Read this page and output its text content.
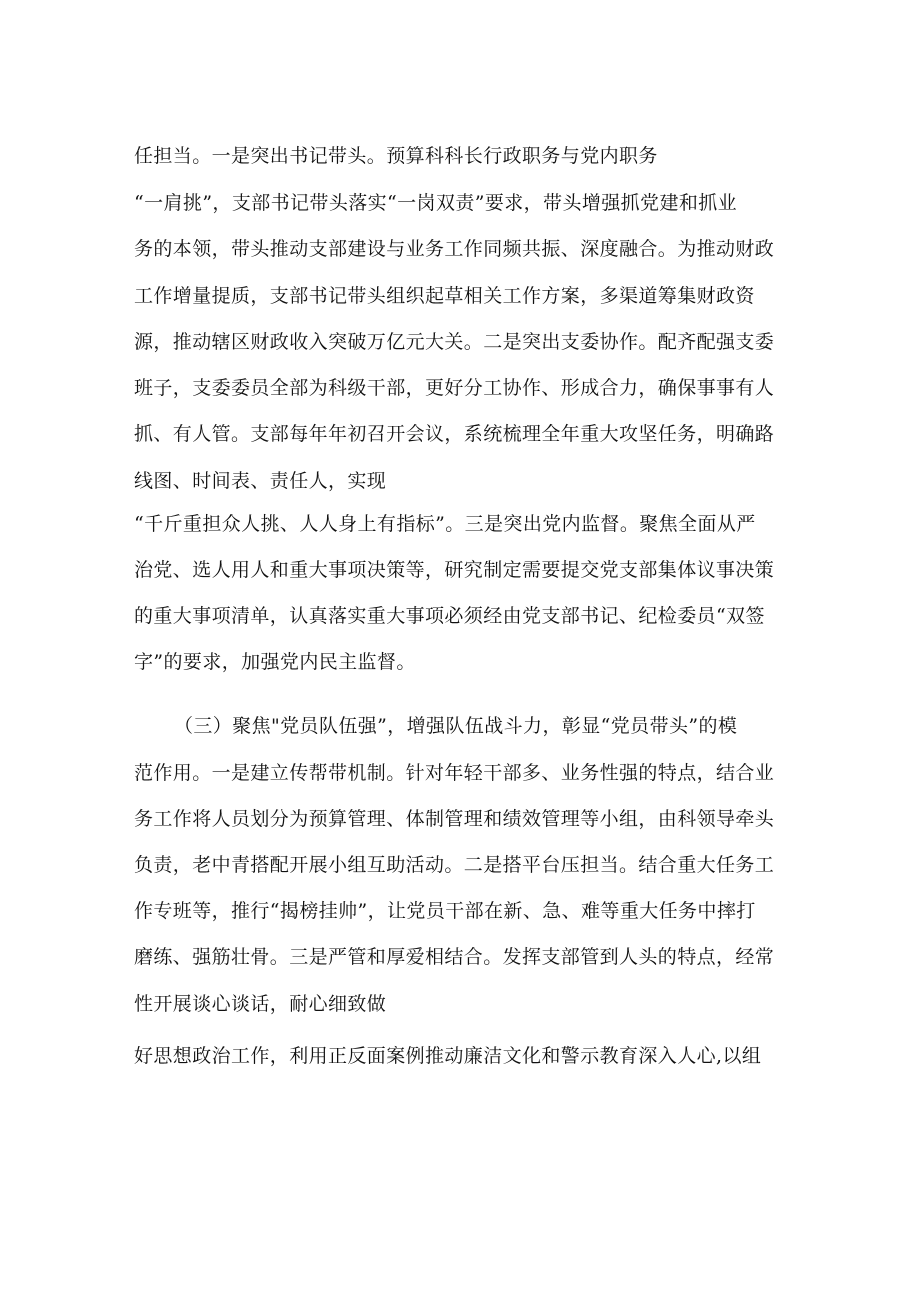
任担当。一是突出书记带头。预算科科长行政职务与党内职务
“一肩挑”，支部书记带头落实“一岗双责”要求，带头增强抓党建和抓业
务的本领，带头推动支部建设与业务工作同频共振、深度融合。为推动财政
工作增量提质，支部书记带头组织起草相关工作方案，多渠道筹集财政资
源，推动辖区财政收入突破万亿元大关。二是突出支委协作。配齐配强支委
班子，支委委员全部为科级干部，更好分工协作、形成合力，确保事事有人
抓、有人管。支部每年年初召开会议，系统梳理全年重大攻坚任务，明确路
线图、时间表、责任人，实现
“千斤重担众人挑、人人身上有指标”。三是突出党内监督。聚焦全面从严
治党、选人用人和重大事项决策等，研究制定需要提交党支部集体议事决策
的重大事项清单，认真落实重大事项必须经由党支部书记、纪检委员“双签
字”的要求，加强党内民主监督。
（三）聚焦"党员队伍强”，增强队伍战斗力，彰显“党员带头”的模
范作用。一是建立传帮带机制。针对年轻干部多、业务性强的特点，结合业
务工作将人员划分为预算管理、体制管理和绩效管理等小组，由科领导牵头
负责，老中青搭配开展小组互助活动。二是搭平台压担当。结合重大任务工
作专班等，推行“揭榜挂帅”，让党员干部在新、急、难等重大任务中摔打
磨练、强筋壮骨。三是严管和厚爱相结合。发挥支部管到人头的特点，经常
性开展谈心谈话，耐心细致做
好思想政治工作，利用正反面案例推动廉洁文化和警示教育深入人心,以组
